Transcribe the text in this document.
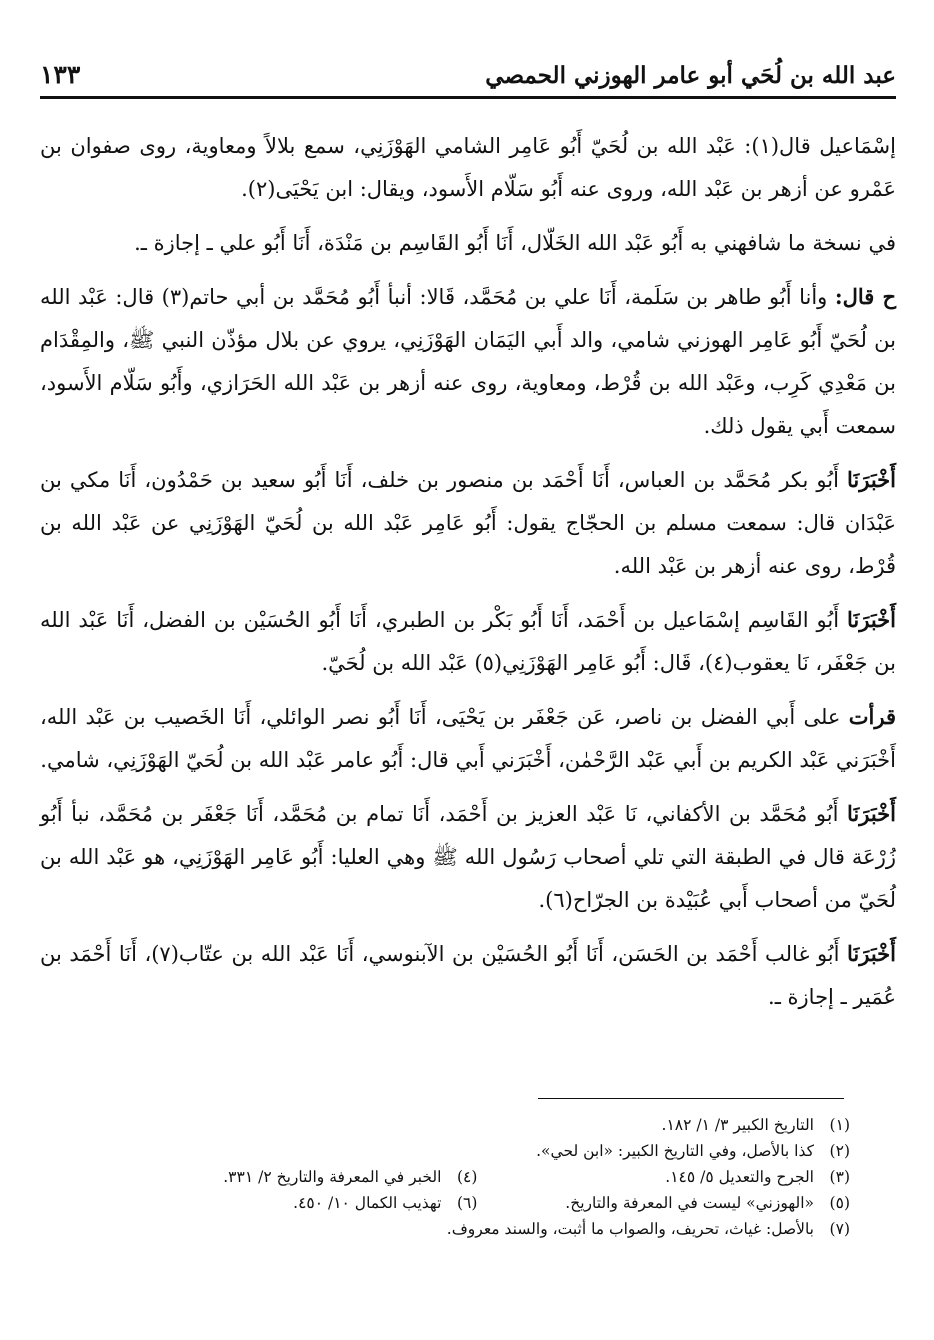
عبد الله بن لُحَي أبو عامر الهوزني الحمصي
١٣٣

إسْمَاعيل قال(١): عَبْد الله بن لُحَيّ أَبُو عَامِر الشامي الهَوْزَنِي، سمع بلالاً ومعاوية، روى صفوان بن عَمْرو عن أزهر بن عَبْد الله، وروى عنه أَبُو سَلّام الأَسود، ويقال: ابن يَحْيَى(٢).

في نسخة ما شافهني به أَبُو عَبْد الله الخَلّال، أَنَا أَبُو القَاسِم بن مَنْدَة، أَنَا أَبُو علي ـ إجازة ـ.

ح قال: وأنا أَبُو طاهر بن سَلَمة، أَنَا علي بن مُحَمَّد، قَالا: أنبأ أَبُو مُحَمَّد بن أبي حاتم(٣) قال: عَبْد الله بن لُحَيّ أَبُو عَامِر الهوزني شامي، والد أَبي اليَمَان الهَوْزَنِي، يروي عن بلال مؤذّن النبي ﷺ، والمِقْدَام بن مَعْدِي كَرِب، وعَبْد الله بن قُرْط، ومعاوية، روى عنه أزهر بن عَبْد الله الحَرَازي، وأَبُو سَلّام الأَسود، سمعت أَبي يقول ذلك.

أَخْبَرَنَا أَبُو بكر مُحَمَّد بن العباس، أَنَا أَحْمَد بن منصور بن خلف، أَنَا أَبُو سعيد بن حَمْدُون، أَنَا مكي بن عَبْدَان قال: سمعت مسلم بن الحجّاج يقول: أَبُو عَامِر عَبْد الله بن لُحَيّ الهَوْزَنِي عن عَبْد الله بن قُرْط، روى عنه أزهر بن عَبْد الله.

أَخْبَرَنَا أَبُو القَاسِم إسْمَاعيل بن أَحْمَد، أَنَا أَبُو بَكْر بن الطبري، أَنَا أَبُو الحُسَيْن بن الفضل، أَنَا عَبْد الله بن جَعْفَر، نَا يعقوب(٤)، قَال: أَبُو عَامِر الهَوْزَنِي(٥) عَبْد الله بن لُحَيّ.

قرأت على أَبي الفضل بن ناصر، عَن جَعْفَر بن يَحْيَى، أَنَا أَبُو نصر الوائلي، أَنَا الخَصيب بن عَبْد الله، أَخْبَرَني عَبْد الكريم بن أَبي عَبْد الرَّحْمٰن، أَخْبَرَني أَبي قال: أَبُو عامر عَبْد الله بن لُحَيّ الهَوْزَنِي، شامي.

أَخْبَرَنَا أَبُو مُحَمَّد بن الأكفاني، نَا عَبْد العزيز بن أَحْمَد، أَنَا تمام بن مُحَمَّد، أَنَا جَعْفَر بن مُحَمَّد، نبأ أَبُو زُرْعَة قال في الطبقة التي تلي أصحاب رَسُول الله ﷺ وهي العليا: أَبُو عَامِر الهَوْزَنِي، هو عَبْد الله بن لُحَيّ من أصحاب أَبي عُبَيْدة بن الجرّاح(٦).

أَخْبَرَنَا أَبُو غالب أَحْمَد بن الحَسَن، أَنَا أَبُو الحُسَيْن بن الآبنوسي، أَنَا عَبْد الله بن عتّاب(٧)، أَنَا أَحْمَد بن عُمَير ـ إجازة ـ.

(١)التاريخ الكبير ٣/ ١/ ١٨٢.
(٢)كذا بالأصل، وفي التاريخ الكبير: «ابن لحي».
(٣)الجرح والتعديل ٥/ ١٤٥.
(٤)الخبر في المعرفة والتاريخ ٢/ ٣٣١.
(٥)«الهوزني» ليست في المعرفة والتاريخ.
(٦)تهذيب الكمال ١٠/ ٤٥٠.
(٧)بالأصل: غياث، تحريف، والصواب ما أثبت، والسند معروف.
